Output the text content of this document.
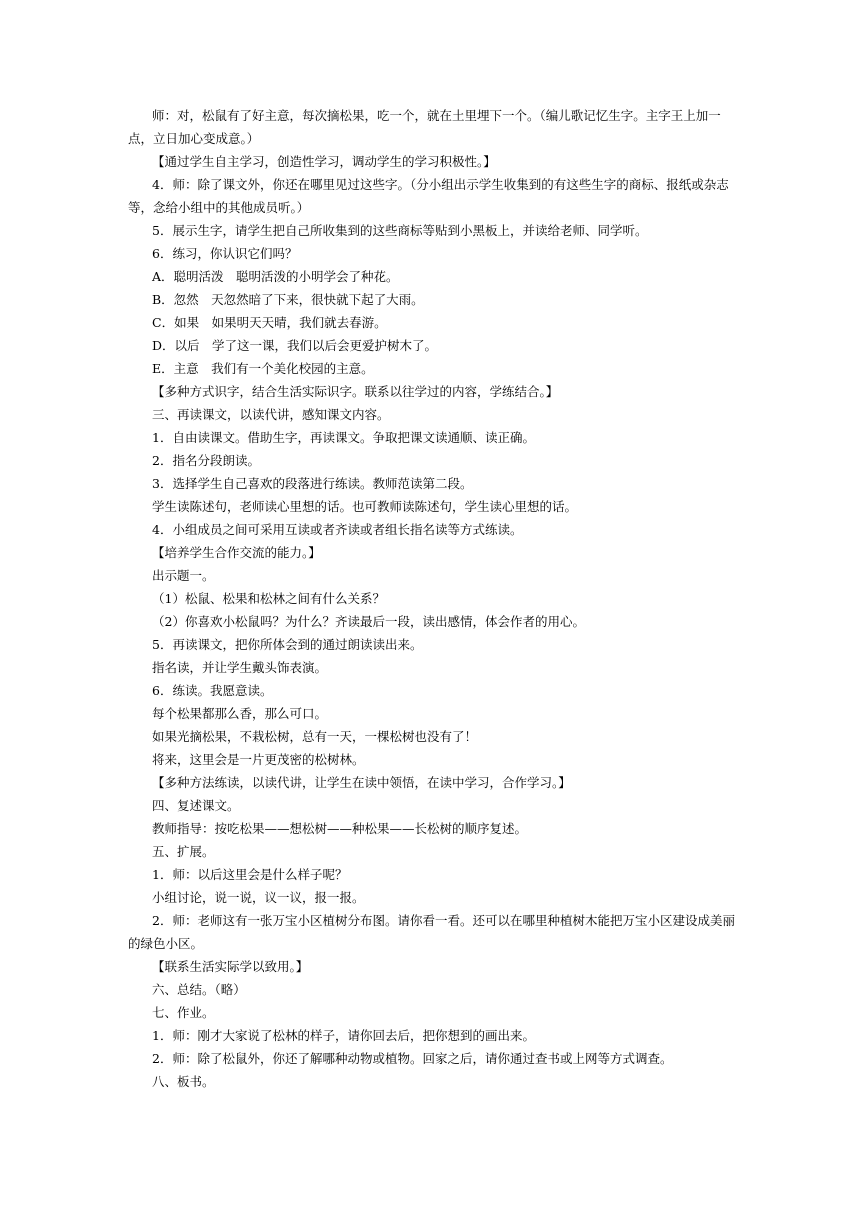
师：对，松鼠有了好主意，每次摘松果，吃一个，就在土里埋下一个。（编儿歌记忆生字。主字王上加一点，立日加心变成意。）

【通过学生自主学习，创造性学习，调动学生的学习积极性。】

4．师：除了课文外，你还在哪里见过这些字。（分小组出示学生收集到的有这些生字的商标、报纸或杂志等，念给小组中的其他成员听。）

5．展示生字，请学生把自己所收集到的这些商标等贴到小黑板上，并读给老师、同学听。

6．练习，你认识它们吗？

A．聪明活泼　聪明活泼的小明学会了种花。

B．忽然　天忽然暗了下来，很快就下起了大雨。

C．如果　如果明天天晴，我们就去春游。

D．以后　学了这一课，我们以后会更爱护树木了。

E．主意　我们有一个美化校园的主意。

【多种方式识字，结合生活实际识字。联系以往学过的内容，学练结合。】

三、再读课文，以读代讲，感知课文内容。

1．自由读课文。借助生字，再读课文。争取把课文读通顺、读正确。

2．指名分段朗读。

3．选择学生自己喜欢的段落进行练读。教师范读第二段。

学生读陈述句，老师读心里想的话。也可教师读陈述句，学生读心里想的话。

4．小组成员之间可采用互读或者齐读或者组长指名读等方式练读。

【培养学生合作交流的能力。】

出示题一。

（1）松鼠、松果和松林之间有什么关系？

（2）你喜欢小松鼠吗？为什么？齐读最后一段，读出感情，体会作者的用心。

5．再读课文，把你所体会到的通过朗读读出来。

指名读，并让学生戴头饰表演。

6．练读。我愿意读。

每个松果都那么香，那么可口。

如果光摘松果，不栽松树，总有一天，一棵松树也没有了！

将来，这里会是一片更茂密的松树林。

【多种方法练读，以读代讲，让学生在读中领悟，在读中学习，合作学习。】

四、复述课文。

教师指导：按吃松果——想松树——种松果——长松树的顺序复述。

五、扩展。

1．师：以后这里会是什么样子呢？

小组讨论，说一说，议一议，报一报。

2．师：老师这有一张万宝小区植树分布图。请你看一看。还可以在哪里种植树木能把万宝小区建设成美丽的绿色小区。

【联系生活实际学以致用。】

六、总结。（略）

七、作业。

1．师：刚才大家说了松林的样子，请你回去后，把你想到的画出来。

2．师：除了松鼠外，你还了解哪种动物或植物。回家之后，请你通过查书或上网等方式调查。

八、板书。
